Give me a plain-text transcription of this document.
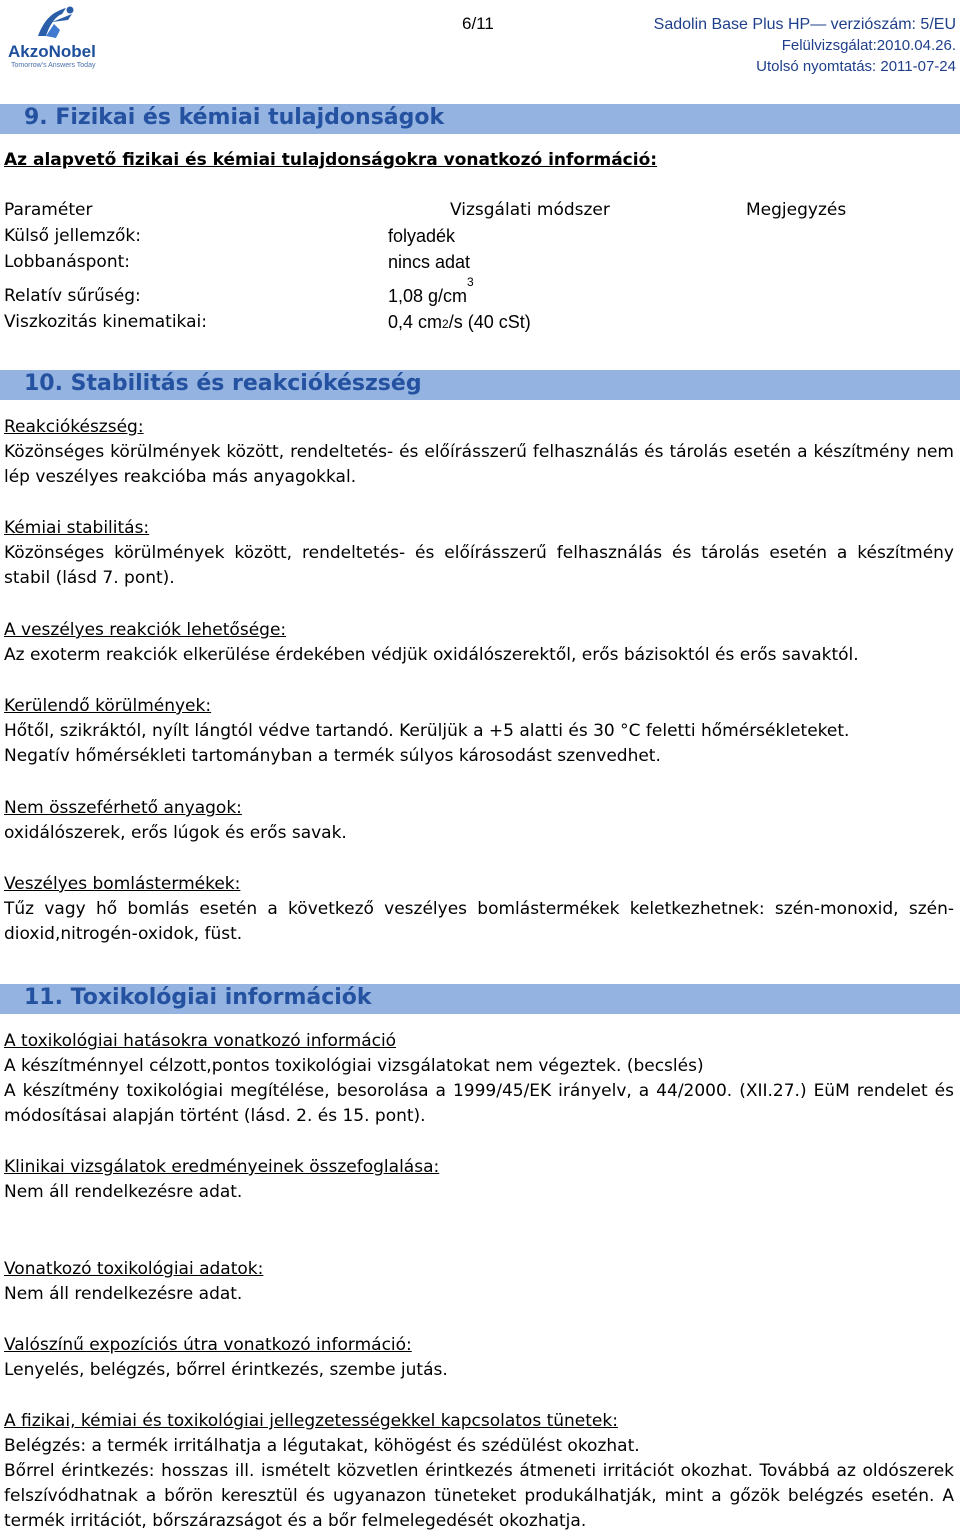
AkzoNobel
Tomorrow's Answers Today
6/11	Sadolin Base Plus HP— verziószám: 5/EU
Felülvizsgálat:2010.04.26.
Utolsó nyomtatás: 2011-07-24
9. Fizikai és kémiai tulajdonságok
Az alapvető fizikai és kémiai tulajdonságokra vonatkozó információ:
Paraméter	Vizsgálati módszer	Megjegyzés
Külső jellemzők:	folyadék
Lobbanáspont:	nincs adat
Relatív sűrűség:	1,08 $g/cm^3$
Viszkozitás kinematikai:	0,4 cm2/s (40 cSt)
10. Stabilitás és reakciókészség
Reakciókészség:
Közönséges körülmények között, rendeltetés- és előírásszerű felhasználás és tárolás esetén a készítmény nem lép veszélyes reakcióba más anyagokkal.
Kémiai stabilitás:
Közönséges körülmények között, rendeltetés- és előírásszerű felhasználás és tárolás esetén a készítmény stabil (lásd 7. pont).
A veszélyes reakciók lehetősége:
Az exoterm reakciók elkerülése érdekében védjük oxidálószerektől, erős bázisoktól és erős savaktól.
Kerülendő körülmények:
Hőtől, szikráktól, nyílt lángtól védve tartandó. Kerüljük a +5 alatti és 30 °C feletti hőmérsékleteket.
Negatív hőmérsékleti tartományban a termék súlyos károsodást szenvedhet.
Nem összeférhető anyagok:
oxidálószerek, erős lúgok és erős savak.
Veszélyes bomlástermékek:
Tűz vagy hő bomlás esetén a következő veszélyes bomlástermékek keletkezhetnek: szén-monoxid, szén-dioxid,nitrogén-oxidok, füst.
11. Toxikológiai információk
A toxikológiai hatásokra vonatkozó információ
A készítménnyel célzott,pontos toxikológiai vizsgálatokat nem végeztek. (becslés)
A készítmény toxikológiai megítélése, besorolása a 1999/45/EK irányelv, a 44/2000. (XII.27.) EüM rendelet és módosításai alapján történt (lásd. 2. és 15. pont).
Klinikai vizsgálatok eredményeinek összefoglalása:
Nem áll rendelkezésre adat.
Vonatkozó toxikológiai adatok:
Nem áll rendelkezésre adat.
Valószínű expozíciós útra vonatkozó információ:
Lenyelés, belégzés, bőrrel érintkezés, szembe jutás.
A fizikai, kémiai és toxikológiai jellegzetességekkel kapcsolatos tünetek:
Belégzés: a termék irritálhatja a légutakat, köhögést és szédülést okozhat.
Bőrrel érintkezés: hosszas ill. ismételt közvetlen érintkezés átmeneti irritációt okozhat. Továbbá az oldószerek felszívódhatnak a bőrön keresztül és ugyanazon tüneteket produkálhatják, mint a gőzök belégzés esetén. A termék irritációt, bőrszárazságot és a bőr felmelegedését okozhatja.
